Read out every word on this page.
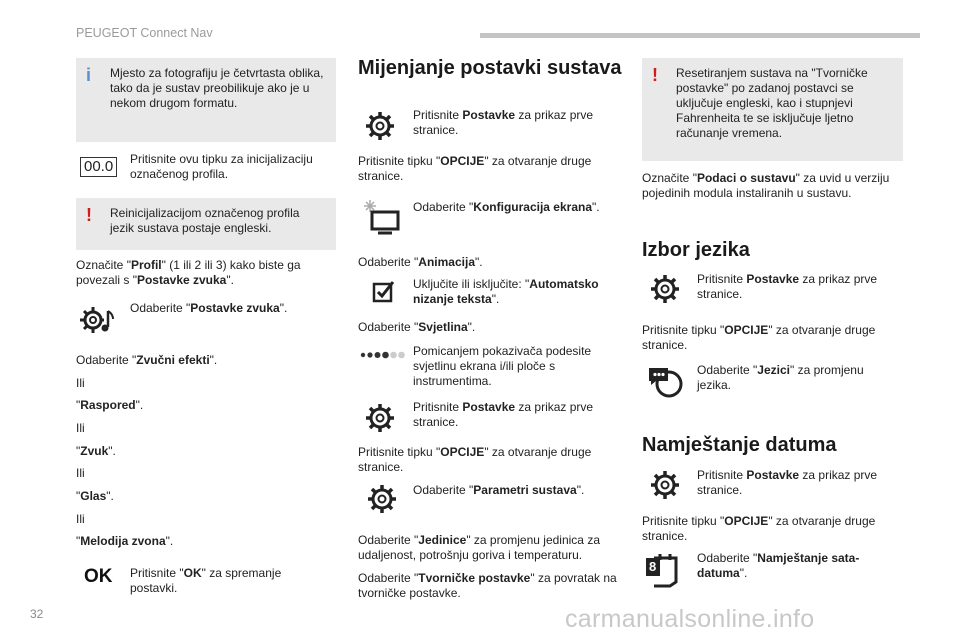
PEUGEOT Connect Nav
i Mjesto za fotografiju je četvrtasta oblika, tako da je sustav preobilikuje ako je u nekom drugom formatu.

00.0	Pritisnite ovu tipku za inicijalizaciju označenog profila.

! Reinicijalizacijom označenog profila jezik sustava postaje engleski.

Označite "Profil" (1 ili 2 ili 3) kako biste ga povezali s "Postavke zvuka".

Odaberite "Postavke zvuka".

Odaberite "Zvučni efekti".

Ili

"Raspored".

Ili

"Zvuk".

Ili

"Glas".

Ili

"Melodija zvona".

OK Pritisnite "OK" za spremanje postavki.

Mijenjanje postavki sustava

Pritisnite Postavke za prikaz prve stranice.

Pritisnite tipku "OPCIJE" za otvaranje druge stranice.

Odaberite "Konfiguracija ekrana".

Odaberite "Animacija".

Uključite ili isključite: "Automatsko nizanje teksta".

Odaberite "Svjetlina".

Pomicanjem pokazivača podesite svjetlinu ekrana i/ili ploče s instrumentima.

Pritisnite Postavke za prikaz prve stranice.

Pritisnite tipku "OPCIJE" za otvaranje druge stranice.

Odaberite "Parametri sustava".

Odaberite "Jedinice" za promjenu jedinica za udaljenost, potrošnju goriva i temperaturu.

Odaberite "Tvorničke postavke" za povratak na tvorničke postavke.

! Resetiranjem sustava na "Tvorničke postavke" po zadanoj postavci se uključuje engleski, kao i stupnjevi Fahrenheita te se isključuje ljetno računanje vremena.

Označite "Podaci o sustavu" za uvid u verziju pojedinih modula instaliranih u sustavu.

Izbor jezika

Pritisnite Postavke za prikaz prve stranice.

Pritisnite tipku "OPCIJE" za otvaranje druge stranice.

Odaberite "Jezici" za promjenu jezika.

Namještanje datuma

Pritisnite Postavke za prikaz prve stranice.

Pritisnite tipku "OPCIJE" za otvaranje druge stranice.

8

Odaberite "Namještanje sata-datuma".

32	carmanualsonline.info
